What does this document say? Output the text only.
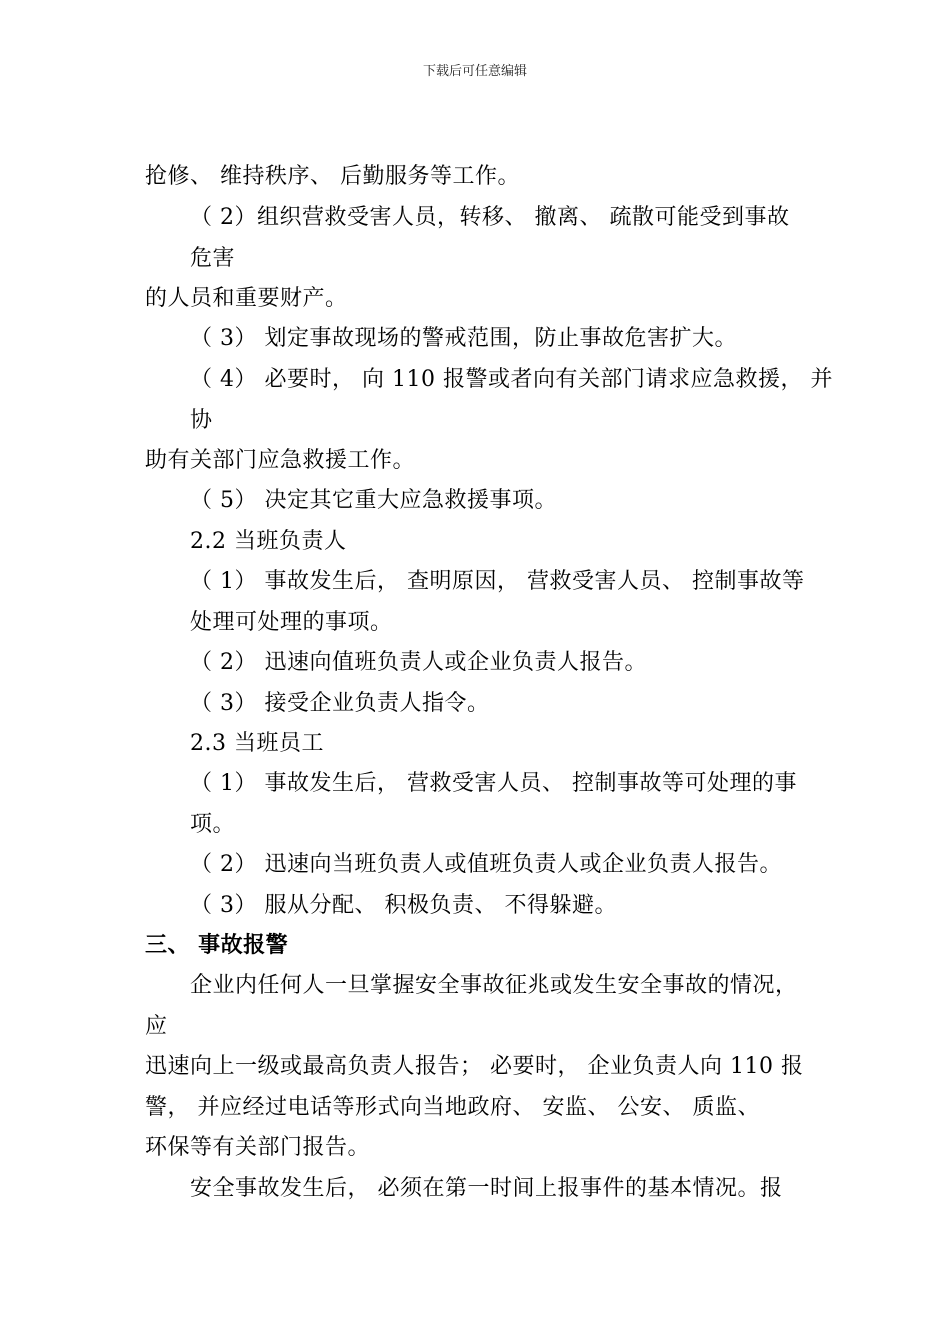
下载后可任意编辑
抢修、 维持秩序、 后勤服务等工作。
（ 2）组织营救受害人员，转移、 撤离、 疏散可能受到事故
危害
的人员和重要财产。
（ 3） 划定事故现场的警戒范围，防止事故危害扩大。
（ 4） 必要时， 向 110 报警或者向有关部门请求应急救援， 并
协
助有关部门应急救援工作。
（ 5） 决定其它重大应急救援事项。
2.2 当班负责人
（ 1） 事故发生后， 查明原因， 营救受害人员、 控制事故等
处理可处理的事项。
（ 2） 迅速向值班负责人或企业负责人报告。
（ 3） 接受企业负责人指令。
2.3 当班员工
（ 1） 事故发生后， 营救受害人员、 控制事故等可处理的事
项。
（ 2） 迅速向当班负责人或值班负责人或企业负责人报告。
（ 3） 服从分配、 积极负责、 不得躲避。
三、 事故报警
企业内任何人一旦掌握安全事故征兆或发生安全事故的情况，
应
迅速向上一级或最高负责人报告； 必要时， 企业负责人向 110 报
警， 并应经过电话等形式向当地政府、 安监、 公安、 质监、
环保等有关部门报告。
安全事故发生后， 必须在第一时间上报事件的基本情况。报
